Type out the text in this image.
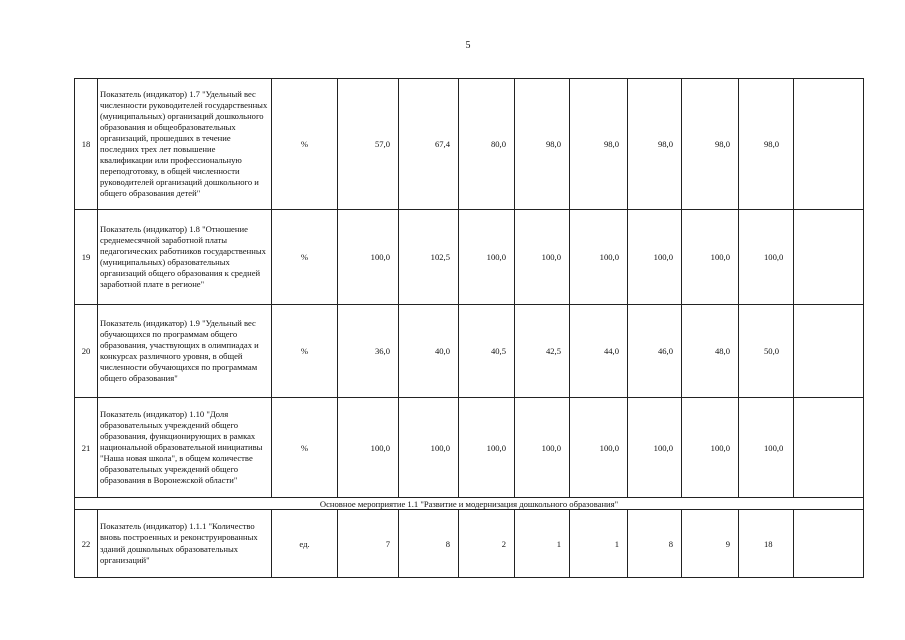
5
18	Показатель (индикатор) 1.7 "Удельный вес численности руководителей государственных (муниципальных) организаций дошкольного образования и общеобразовательных организаций, прошедших в течение последних трех лет повышение квалификации или профессиональную переподготовку, в общей численности руководителей организаций дошкольного и общего образования детей"	%	57,0	67,4	80,0	98,0	98,0	98,0	98,0	98,0	
19	Показатель (индикатор) 1.8 "Отношение среднемесячной заработной платы педагогических работников государственных (муниципальных) образовательных организаций общего образования к средней заработной плате в регионе"	%	100,0	102,5	100,0	100,0	100,0	100,0	100,0	100,0	
20	Показатель (индикатор) 1.9 "Удельный вес обучающихся по программам общего образования, участвующих в олимпиадах и конкурсах различного уровня, в общей численности обучающихся по программам общего образования"	%	36,0	40,0	40,5	42,5	44,0	46,0	48,0	50,0	
21	Показатель (индикатор) 1.10 "Доля образовательных учреждений общего образования, функционирующих в рамках национальной образовательной инициативы "Наша новая школа", в общем количестве образовательных учреждений общего образования в Воронежской области"	%	100,0	100,0	100,0	100,0	100,0	100,0	100,0	100,0	
Основное мероприятие 1.1 "Развитие и модернизация дошкольного образования"											
22	Показатель (индикатор) 1.1.1 "Количество вновь построенных и реконструированных зданий дошкольных образовательных организаций"	ед.	7	8	2	1	1	8	9	18	
